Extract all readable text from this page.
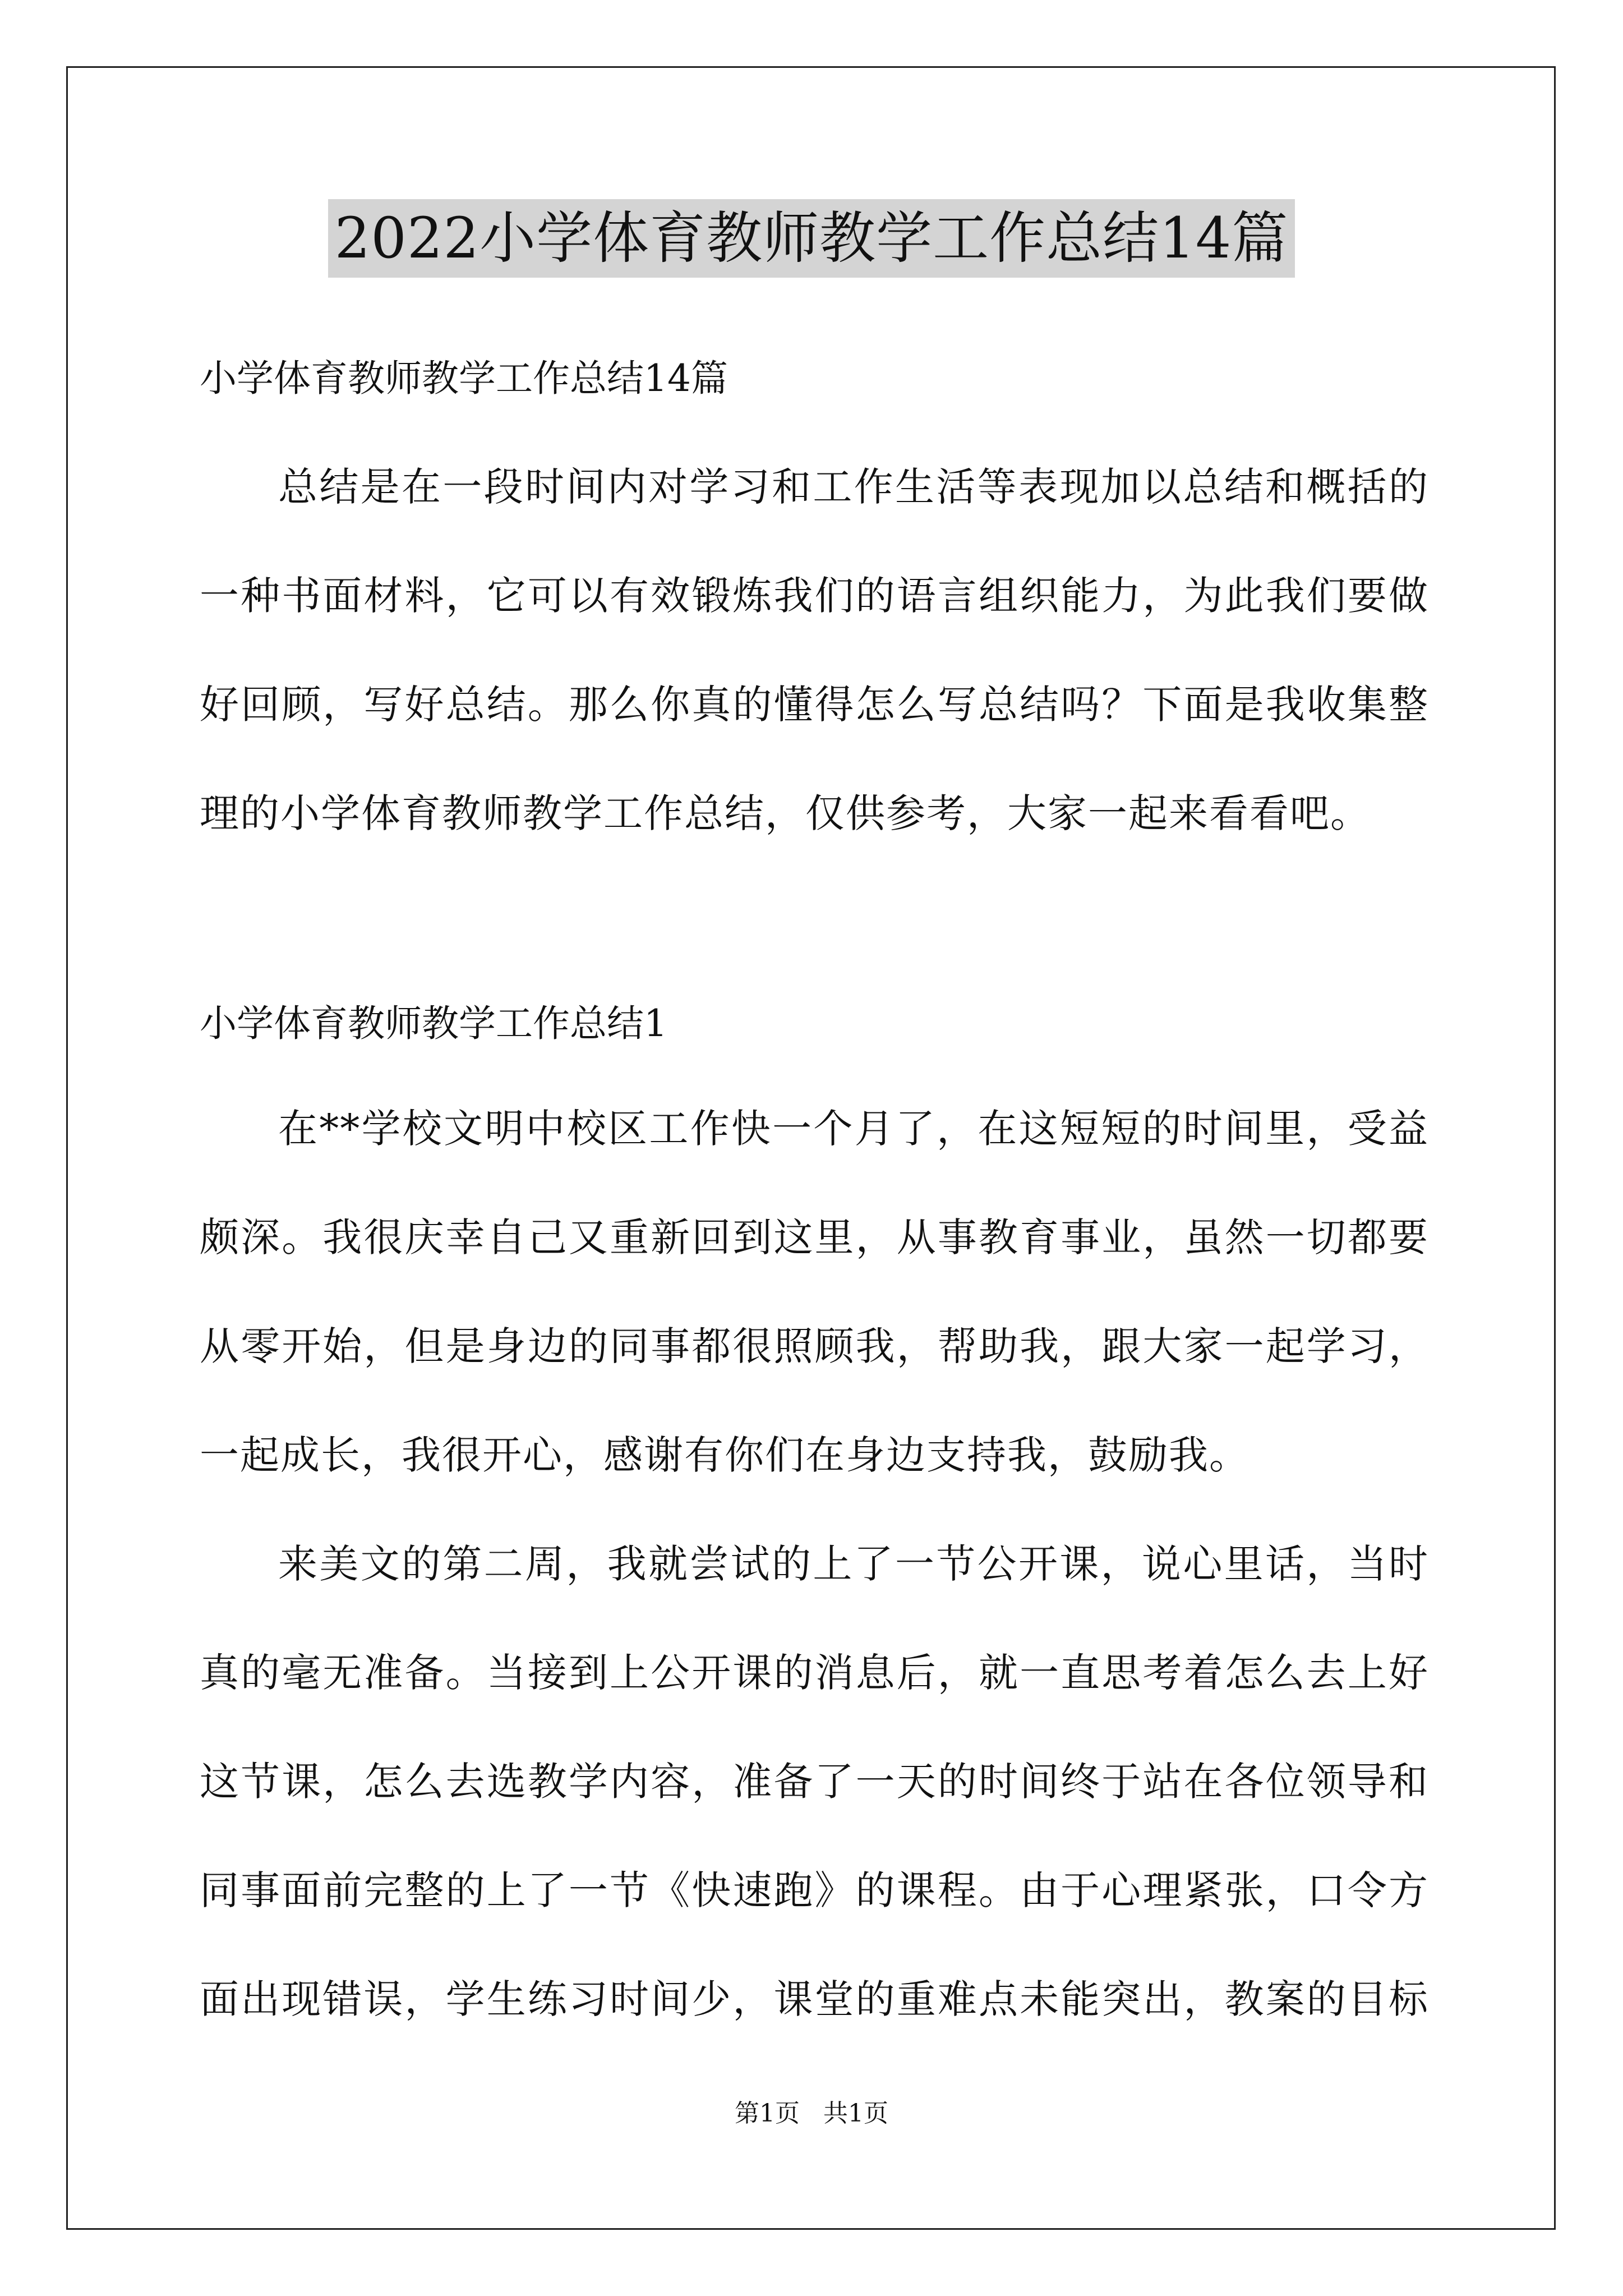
2022小学体育教师教学工作总结14篇
小学体育教师教学工作总结14篇
总结是在一段时间内对学习和工作生活等表现加以总结和概括的
一种书面材料，它可以有效锻炼我们的语言组织能力，为此我们要做
好回顾，写好总结。那么你真的懂得怎么写总结吗？下面是我收集整
理的小学体育教师教学工作总结，仅供参考，大家一起来看看吧。
小学体育教师教学工作总结1
在**学校文明中校区工作快一个月了，在这短短的时间里，受益
颇深。我很庆幸自己又重新回到这里，从事教育事业，虽然一切都要
从零开始，但是身边的同事都很照顾我，帮助我，跟大家一起学习，
一起成长，我很开心，感谢有你们在身边支持我，鼓励我。
来美文的第二周，我就尝试的上了一节公开课，说心里话，当时
真的毫无准备。当接到上公开课的消息后，就一直思考着怎么去上好
这节课，怎么去选教学内容，准备了一天的时间终于站在各位领导和
同事面前完整的上了一节《快速跑》的课程。由于心理紧张，口令方
面出现错误，学生练习时间少，课堂的重难点未能突出，教案的目标
第1页   共1页
